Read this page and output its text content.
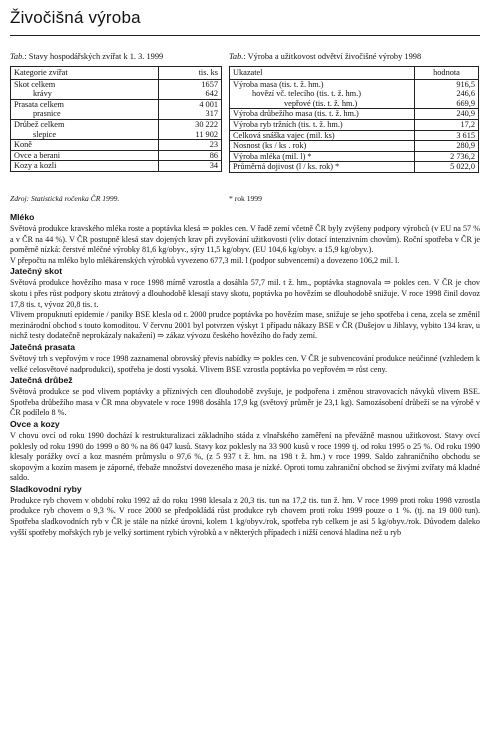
Živočišná výroba
Tab.: Stavy hospodářských zvířat k 1. 3. 1999	Tab.: Výroba a užitkovost odvětví živočišné výroby 1998
Kategorie zvířat	tis. ks
Skot celkem	1657
krávy	642
Prasata celkem	4 001
prasnice	317
Drůbež celkem	30 222
slepice	11 902
Koně	23
Ovce a berani	86
Kozy a kozli	34
Ukazatel	hodnota
Výroba masa (tis. t. ž. hm.)	916,5
hovězí vč. telecího (tis. t. ž. hm.)	246,6
vepřové (tis. t. ž. hm.)	669,9
Výroba drůbežího masa (tis. t. ž. hm.)	240,9
Výroba ryb tržních (tis. t. ž. hm.)	17,2
Celková snáška vajec (mil. ks)	3 615
Nosnost (ks / ks . rok)	280,9
Výroba mléka (mil. l) *	2 736,2
Průměrná dojivost (l / ks. rok) *	5 022,0
Zdroj: Statistická ročenka ČR 1999.	* rok 1999
Mléko

Světová produkce kravského mléka roste a poptávka klesá ⇒ pokles cen. V řadě zemí včetně ČR byly zvýšeny podpory výrobců (v EU na 57 % a v ČR na 44 %). V ČR postupně klesá stav dojených krav při zvyšování užitkovosti (vliv dotací intenzivním chovům). Roční spotřeba v ČR je poměrně nízká: čerstvé mléčné výrobky 81,6 kg/obyv., sýry 11,5 kg/obyv. (EU 104,6 kg/obyv. a 15,9 kg/obyv.).

V přepočtu na mléko bylo mlékárenských výrobků vyvezeno 677,3 mil. l (podpor subvencemi) a dovezeno 106,2 mil. l.

Jatečný skot

Světová produkce hovězího masa v roce 1998 mírně vzrostla a dosáhla 57,7 mil. t ž. hm., poptávka stagnovala ⇒ pokles cen. V ČR je chov skotu i přes růst podpory skotu ztrátový a dlouhodobě klesají stavy skotu, poptávka po hovězím se dlouhodobě snižuje. V roce 1998 činil dovoz 17,8 tis. t, vývoz 20,8 tis. t.

Vlivem propuknutí epidemie / paniky BSE klesla od r. 2000 prudce poptávka po hovězím mase, snižuje se jeho spotřeba i cena, zcela se změnil mezinárodní obchod s touto komoditou. V červnu 2001 byl potvrzen výskyt 1 případu nákazy BSE v ČR (Dušejov u Jihlavy, vybito 134 krav, u nichž testy dodatečně neprokázaly nakažení) ⇒ zákaz vývozu českého hovězího do řady zemí.

Jatečná prasata

Světový trh s vepřovým v roce 1998 zaznamenal obrovský převis nabídky ⇒ pokles cen. V ČR je subvencování produkce neúčinné (vzhledem k velké celosvětové nadprodukci), spotřeba je dosti vysoká. Vlivem BSE vzrostla poptávka po vepřovém ⇒ růst ceny.

Jatečná drůbež

Světová produkce se pod vlivem poptávky a příznivých cen dlouhodobě zvyšuje, je podpořena i změnou stravovacích návyků vlivem BSE. Spotřeba drůbežího masa v ČR mna obyvatele v roce 1998 dosáhla 17,9 kg (světový průměr je 23,1 kg). Samozásobení drůbeží se na výrobě v ČR podílelo 8 %.

Ovce a kozy

V chovu ovcí od roku 1990 dochází k restrukturalizaci základního stáda z vlnařského zaměření na převážně masnou užitkovost. Stavy ovcí poklesly od roku 1990 do 1999 o 80 % na 86 047 kusů. Stavy koz poklesly na 33 900 kusů v roce 1999 tj. od roku 1995 o 25 %. Od roku 1990 klesaly porážky ovcí a koz masném průmyslu o 97,6 %, (z 5 937 t ž. hm. na 198 t ž. hm.) v roce 1999. Saldo zahraničního obchodu se skopovým a kozím masem je záporné, třebaže množství dovezeného masa je nízké. Oproti tomu zahraniční obchod se živými zvířaty má kladné saldo.

Sladkovodní ryby

Produkce ryb chovem v období roku 1992 až do roku 1998 klesala z 20,3 tis. tun na 17,2 tis. tun ž. hm. V roce 1999 proti roku 1998 vzrostla produkce ryb chovem o 9,3 %. V roce 2000 se předpokládá růst produkce ryb chovem proti roku 1999 pouze o 1 %. (tj. na 19 000 tun). Spotřeba sladkovodních ryb v ČR je stále na nízké úrovni, kolem 1 kg/obyv./rok, spotřeba ryb celkem je asi 5 kg/obyv./rok. Důvodem daleko vyšší spotřeby mořských ryb je velký sortiment rybích výrobků a v některých případech i nižší cenová hladina než u ryb
